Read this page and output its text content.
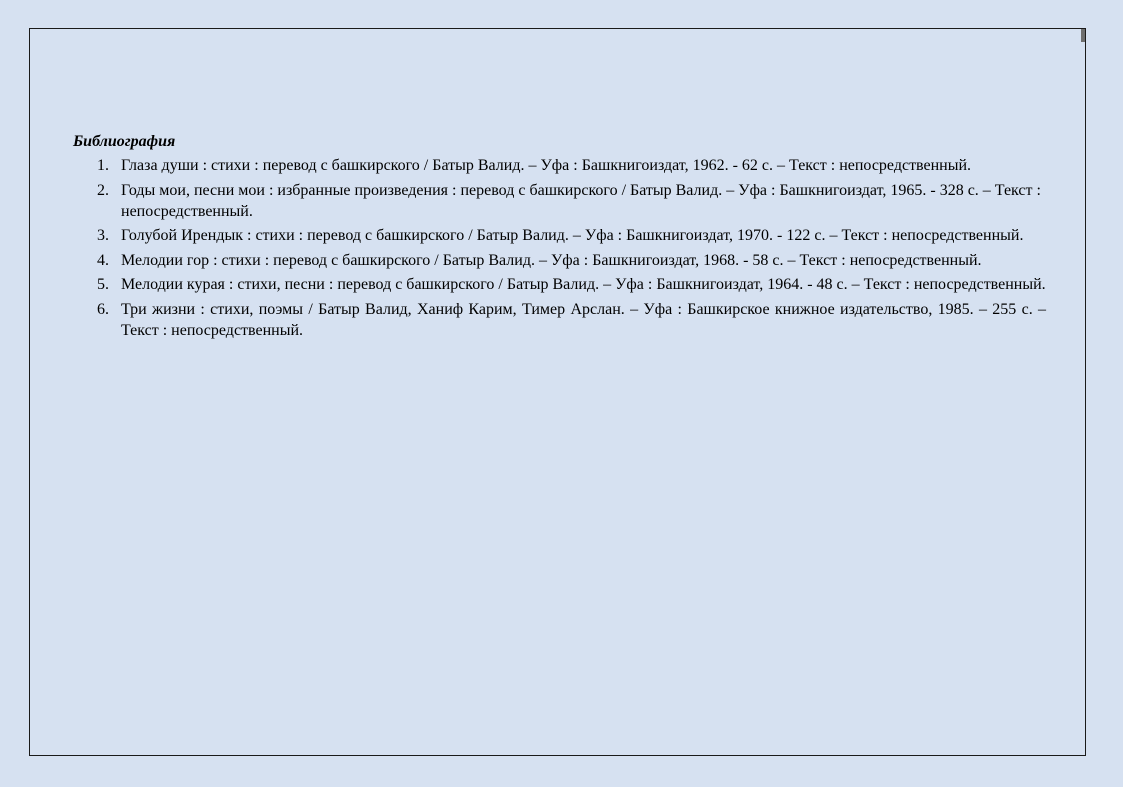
Библиография
1. Глаза души : стихи : перевод с башкирского / Батыр Валид. – Уфа : Башкнигоиздат, 1962. - 62 с. – Текст : непосредственный.
2. Годы мои, песни мои : избранные произведения : перевод с башкирского / Батыр Валид. – Уфа : Башкнигоиздат, 1965. - 328 с. – Текст : непосредственный.
3. Голубой Ирендык : стихи : перевод с башкирского / Батыр Валид. – Уфа : Башкнигоиздат, 1970. - 122 с. – Текст : непосредственный.
4. Мелодии гор : стихи : перевод с башкирского / Батыр Валид. – Уфа : Башкнигоиздат, 1968. - 58 с. – Текст : непосредственный.
5. Мелодии курая : стихи, песни : перевод с башкирского / Батыр Валид. – Уфа : Башкнигоиздат, 1964. - 48 с. – Текст : непосредственный.
6. Три жизни : стихи, поэмы / Батыр Валид, Ханиф Карим, Тимер Арслан. – Уфа : Башкирское книжное издательство, 1985. – 255 с. – Текст : непосредственный.
